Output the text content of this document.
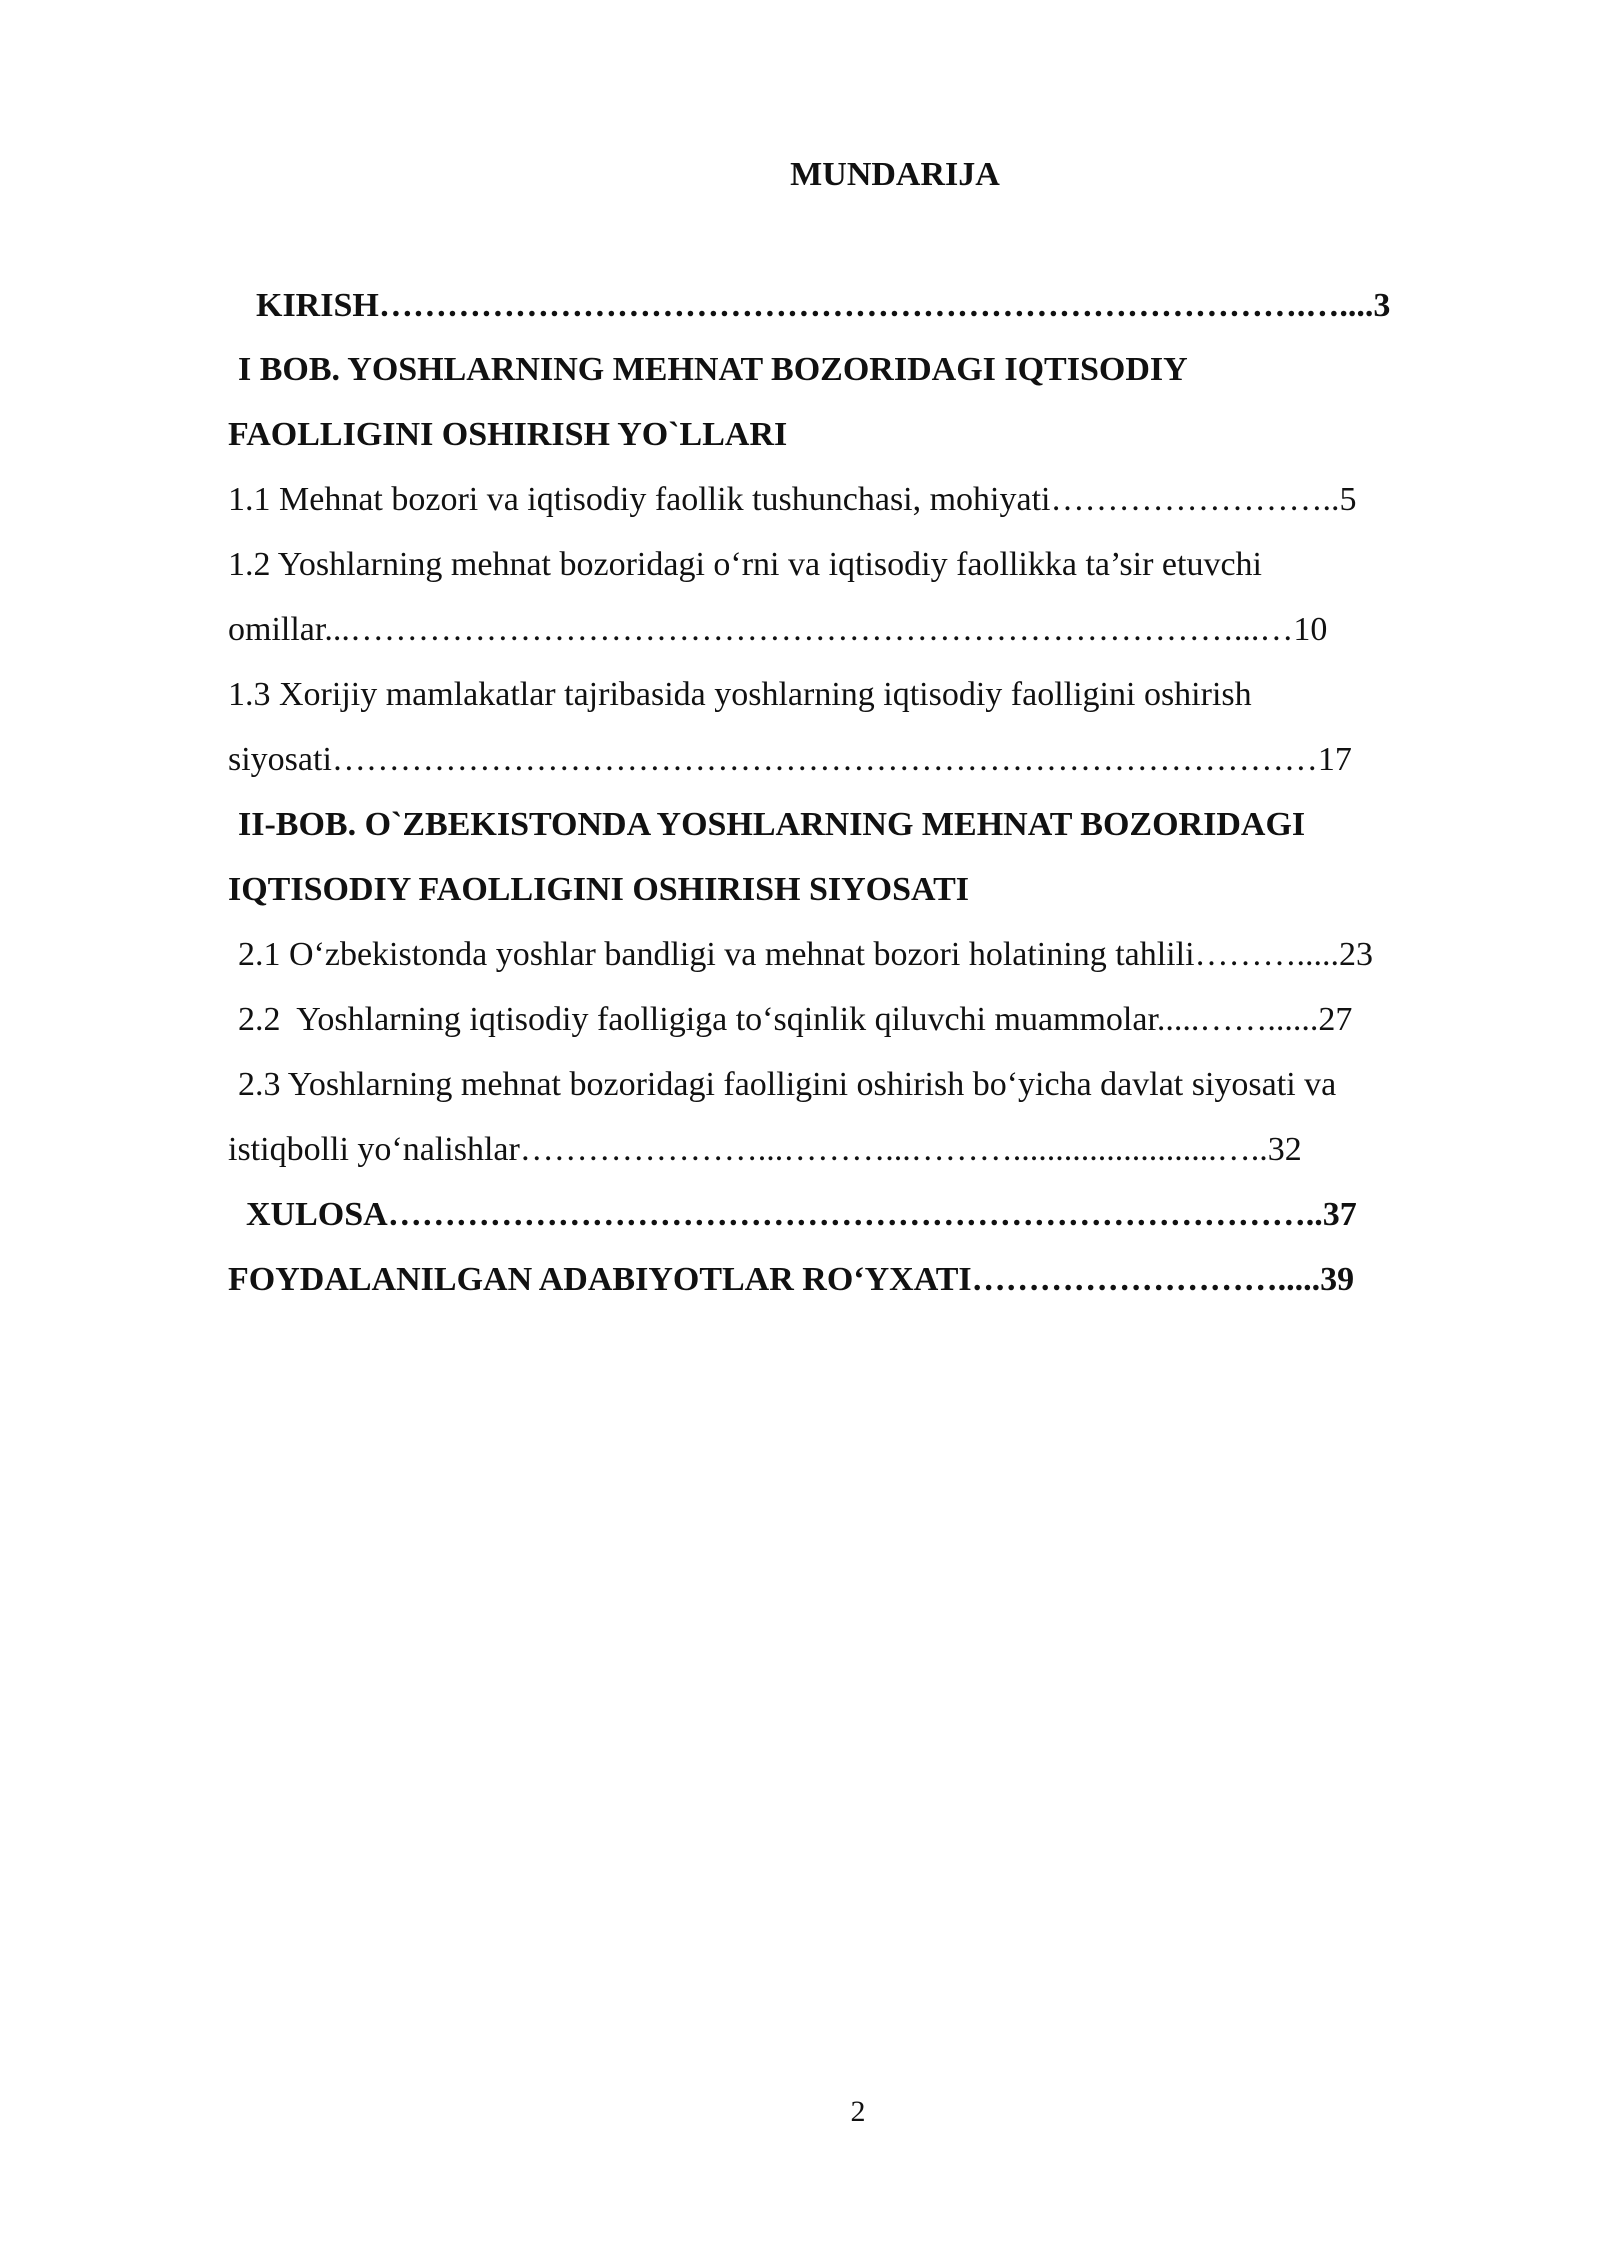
MUNDARIJA
KIRISH……………………………………………………………………….…....3
I BOB. YOSHLARNING MEHNAT BOZORIDAGI IQTISODIY
FAOLLIGINI OSHIRISH YO`LLARI
1.1 Mehnat bozori va iqtisodiy faollik tushunchasi, mohiyati……………………..5
1.2 Yoshlarning mehnat bozoridagi o‘rni va iqtisodiy faollikka ta’sir etuvchi
omillar...……………………………………………………………………...…10
1.3 Xorijiy mamlakatlar tajribasida yoshlarning iqtisodiy faolligini oshirish
siyosati……………………………………………………………………………17
II-BOB. O`ZBEKISTONDA YOSHLARNING MEHNAT BOZORIDAGI
IQTISODIY FAOLLIGINI OSHIRISH SIYOSATI
2.1 O‘zbekistonda yoshlar bandligi va mehnat bozori holatining tahlili……….....23
2.2  Yoshlarning iqtisodiy faolligiga to‘sqinlik qiluvchi muammolar.....……......27
2.3 Yoshlarning mehnat bozoridagi faolligini oshirish bo‘yicha davlat siyosati va
istiqbolli yo‘nalishlar…………………...………...………........................…..32
XULOSA………………………………………………………………………..37
FOYDALANILGAN ADABIYOTLAR RO‘YXATI……………………….....39
2
